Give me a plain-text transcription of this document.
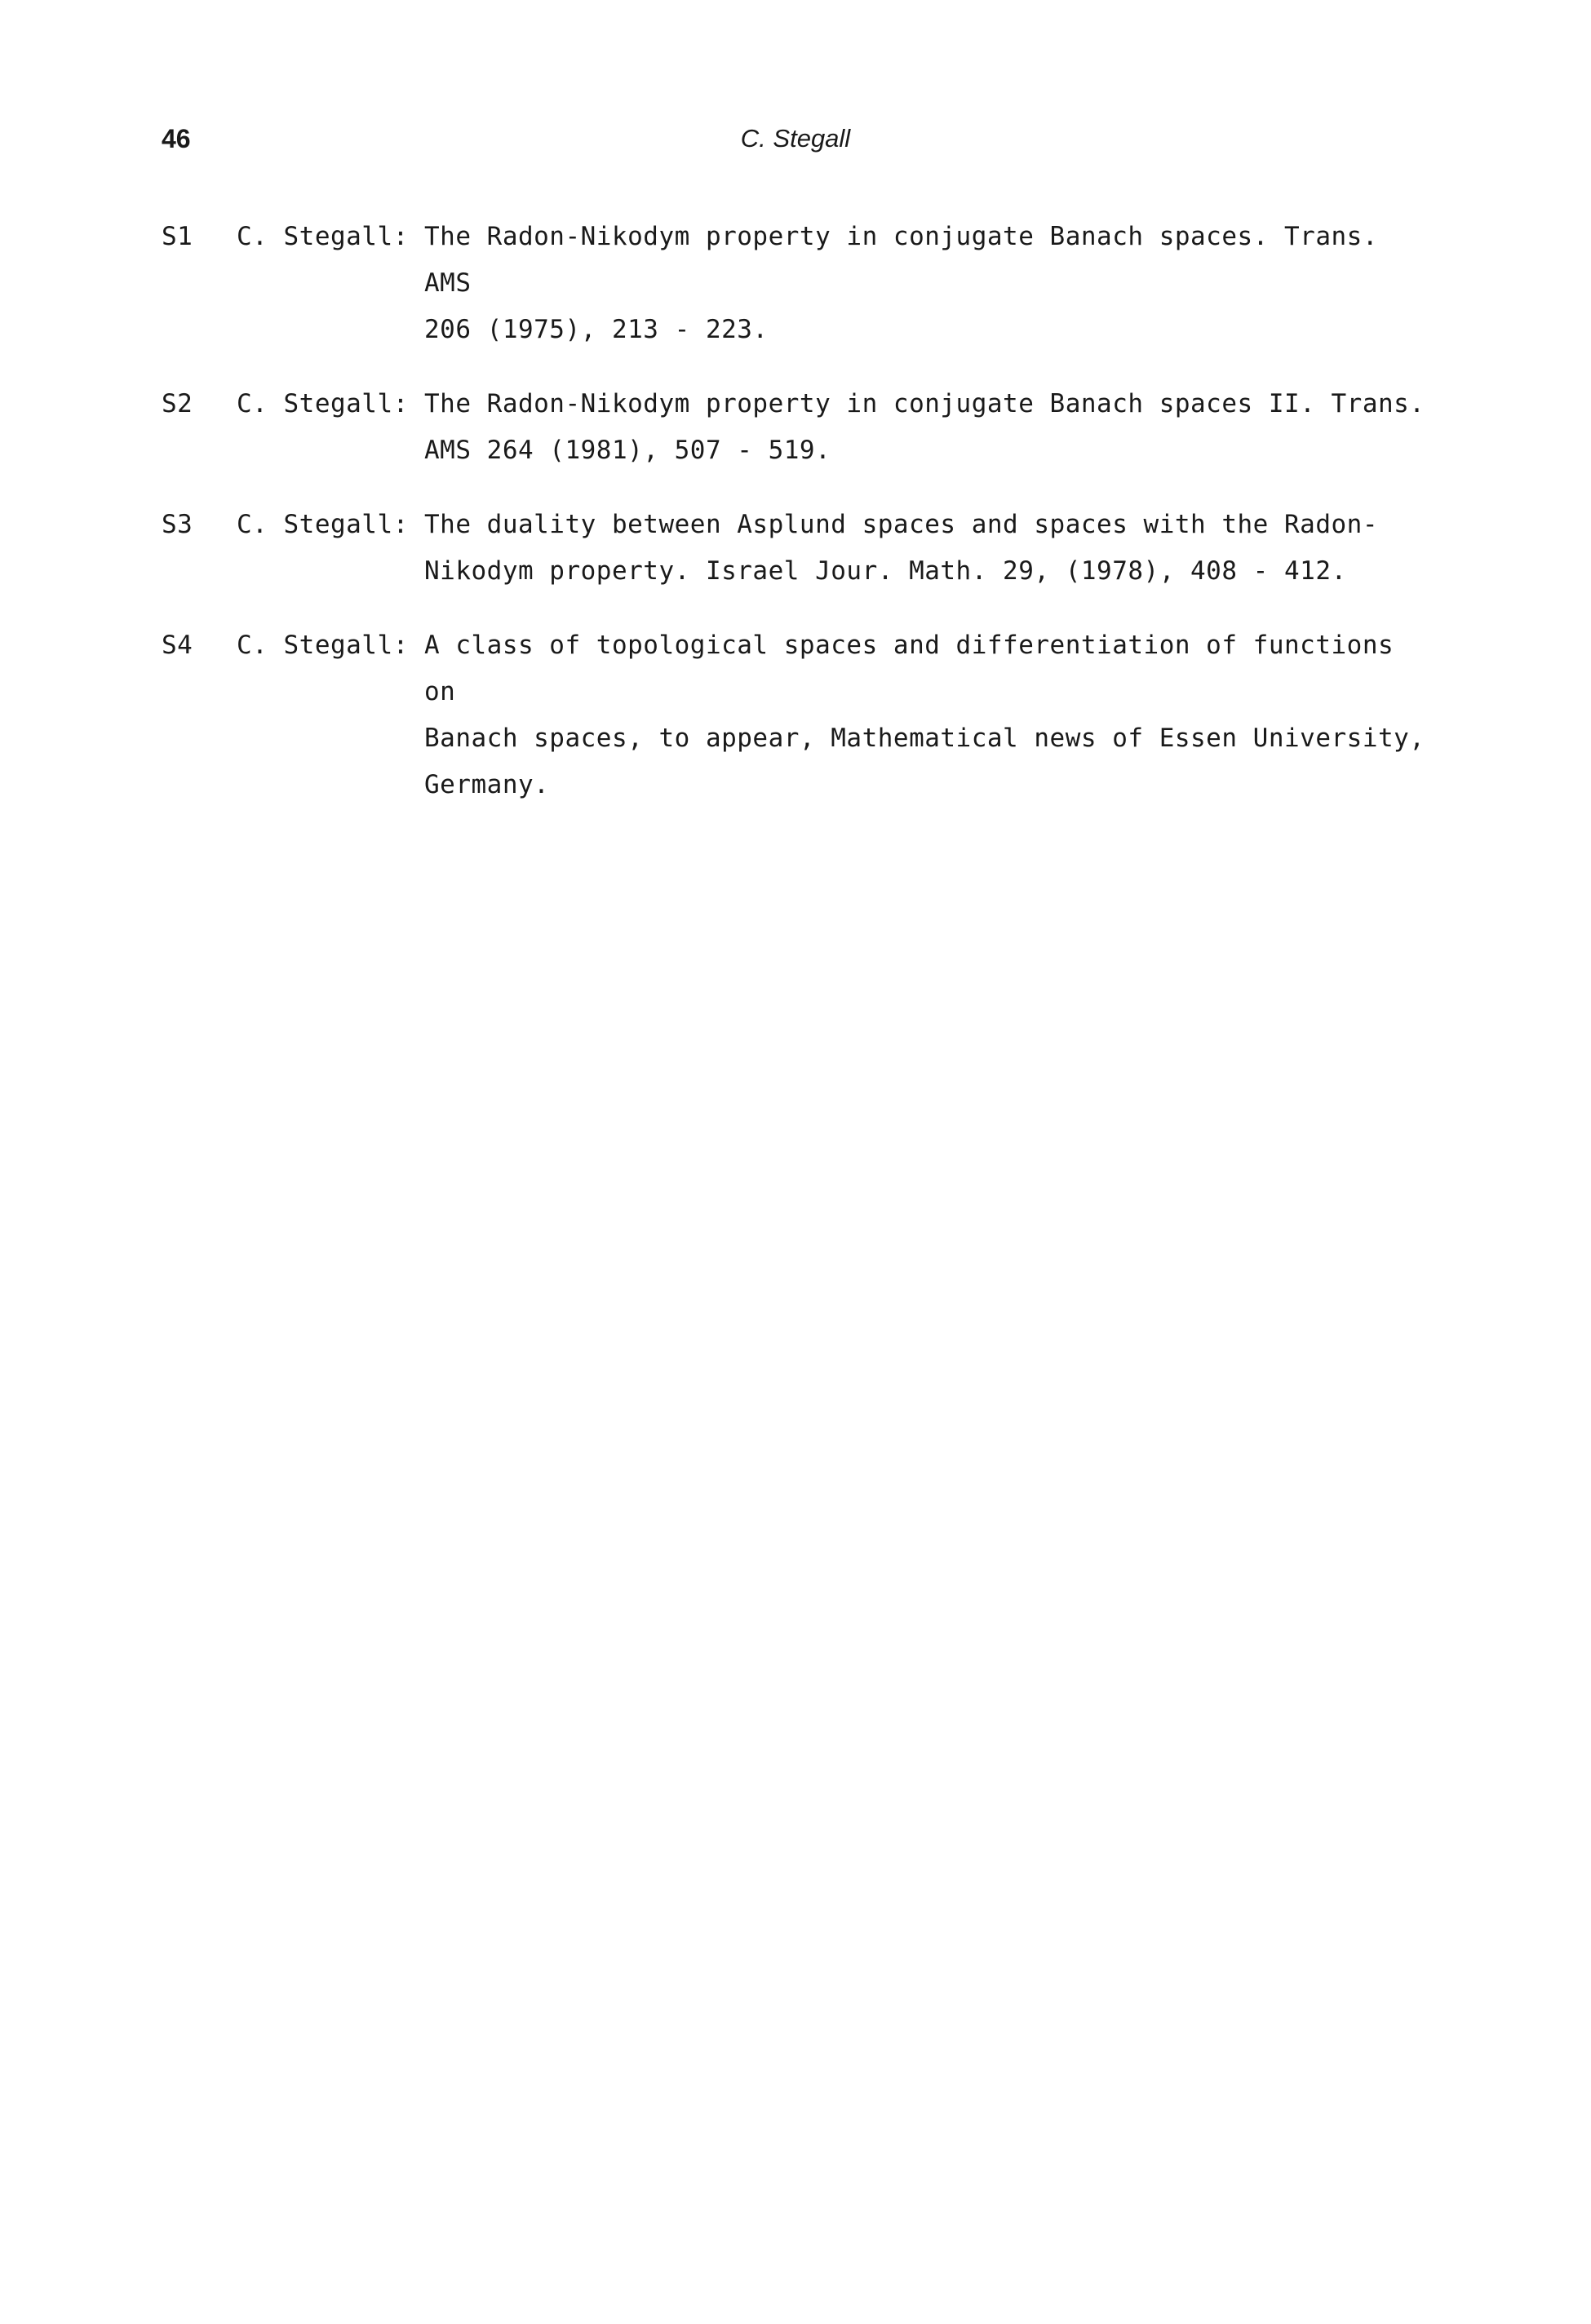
46	C. Stegall
S1 C. Stegall: The Radon-Nikodym property in conjugate Banach spaces. Trans. AMS
206 (1975), 213 - 223.
S2 C. Stegall: The Radon-Nikodym property in conjugate Banach spaces II. Trans.
AMS 264 (1981), 507 - 519.
S3 C. Stegall: The duality between Asplund spaces and spaces with the Radon-
Nikodym property. Israel Jour. Math. 29, (1978), 408 - 412.
S4 C. Stegall: A class of topological spaces and differentiation of functions on
Banach spaces, to appear, Mathematical news of Essen University,
Germany.
